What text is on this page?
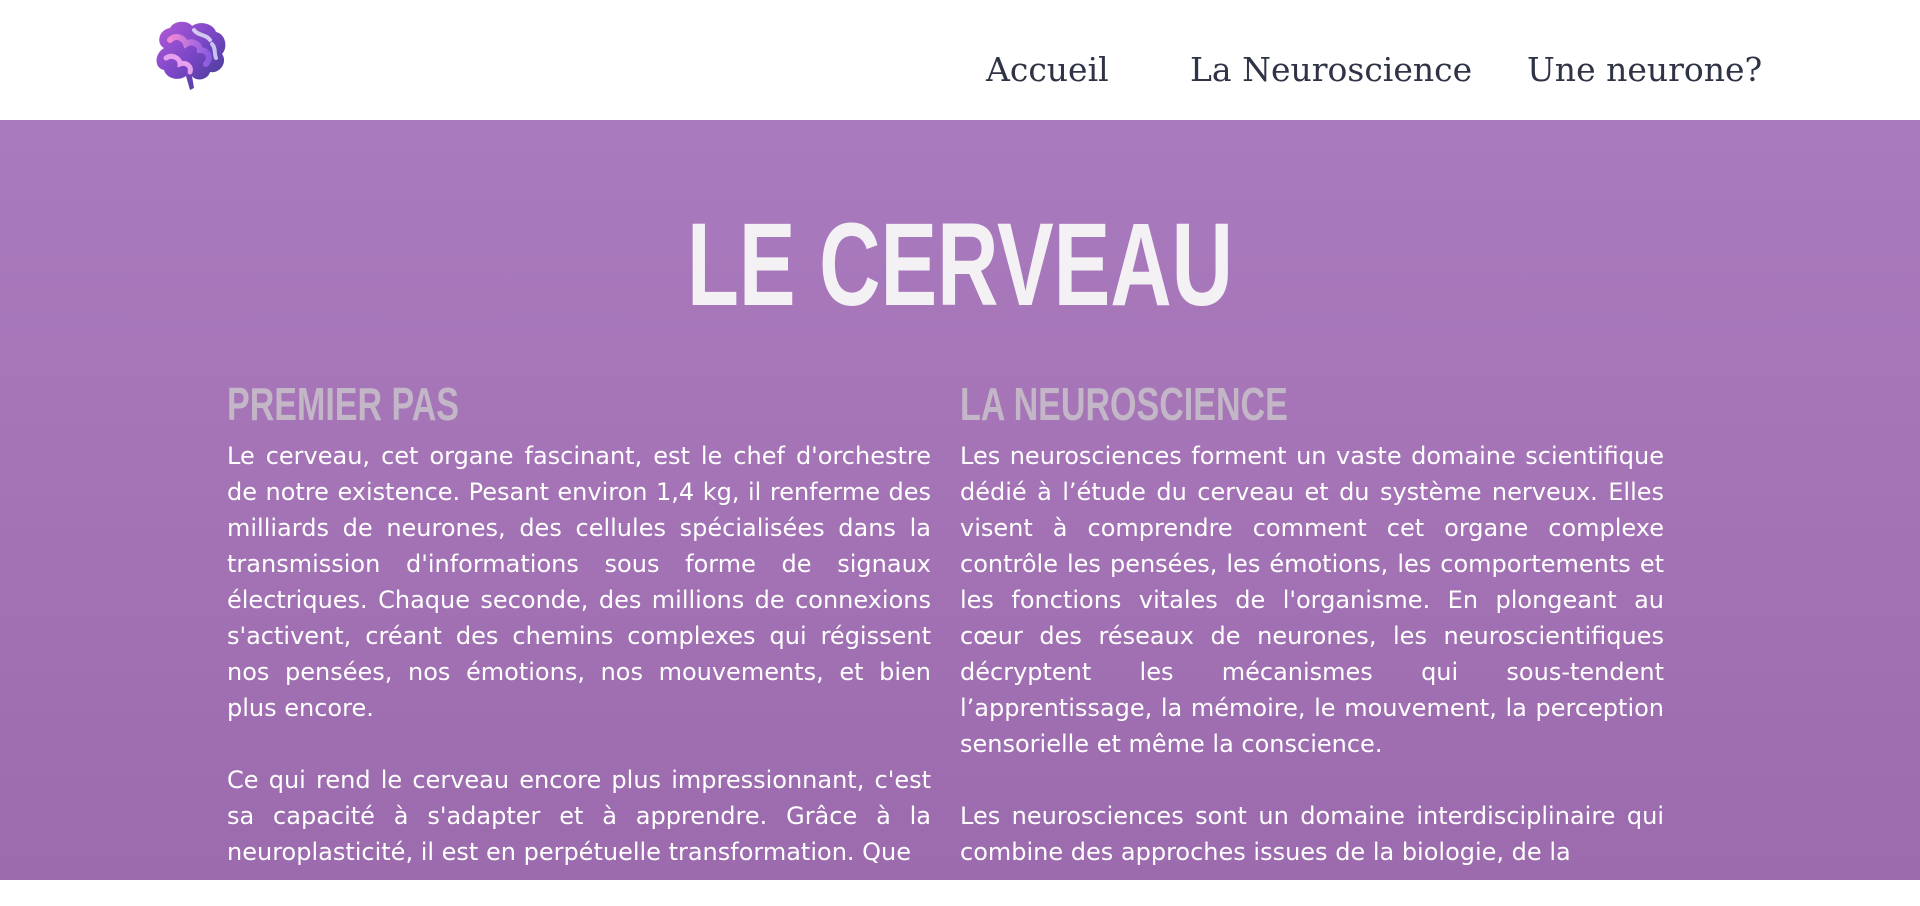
Accueil La Neuroscience Une neurone?
LE CERVEAU
PREMIER PAS

Le cerveau, cet organe fascinant, est le chef d'orchestre de notre existence. Pesant environ 1,4 kg, il renferme des milliards de neurones, des cellules spécialisées dans la transmission d'informations sous forme de signaux électriques. Chaque seconde, des millions de connexions s'activent, créant des chemins complexes qui régissent nos pensées, nos émotions, nos mouvements, et bien plus encore.

Ce qui rend le cerveau encore plus impressionnant, c'est sa capacité à s'adapter et à apprendre. Grâce à la neuroplasticité, il est en perpétuelle transformation. Que

LA NEUROSCIENCE

Les neurosciences forment un vaste domaine scientifique dédié à l’étude du cerveau et du système nerveux. Elles visent à comprendre comment cet organe complexe contrôle les pensées, les émotions, les comportements et les fonctions vitales de l'organisme. En plongeant au cœur des réseaux de neurones, les neuroscientifiques décryptent les mécanismes qui sous-tendent l’apprentissage, la mémoire, le mouvement, la perception sensorielle et même la conscience.

Les neurosciences sont un domaine interdisciplinaire qui combine des approches issues de la biologie, de la
